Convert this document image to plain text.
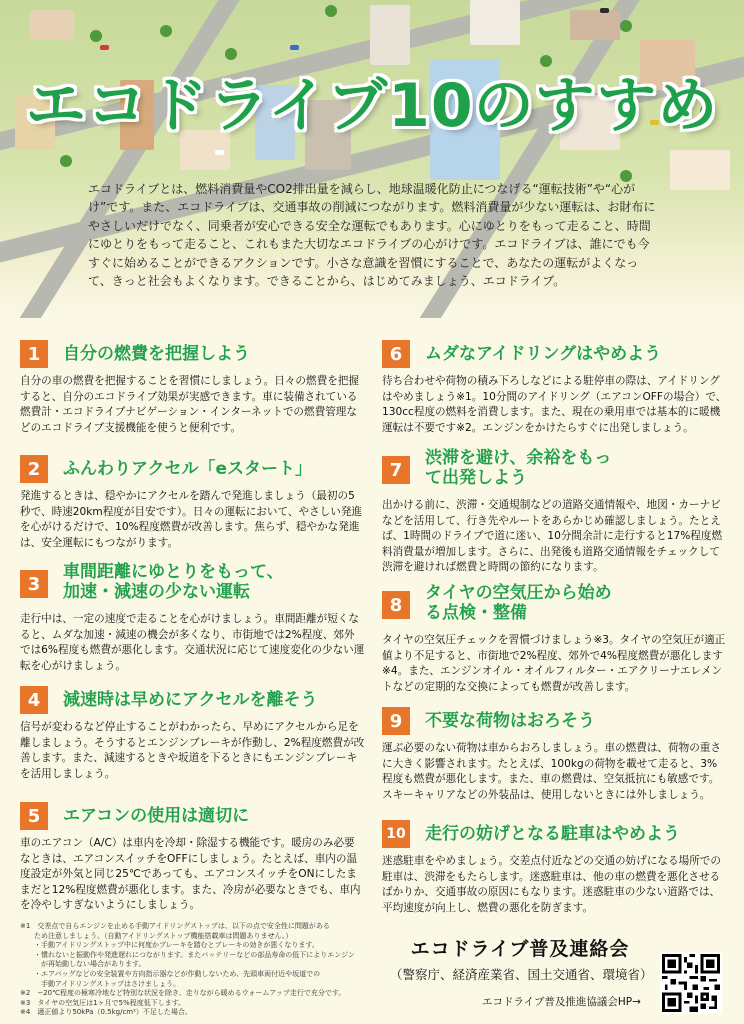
エコドライブ10のすすめ

エコドライブとは、燃料消費量やCO2排出量を減らし、地球温暖化防止につなげる“運転技術”や“心がけ”です。また、エコドライブは、交通事故の削減につながります。燃料消費量が少ない運転は、お財布にやさしいだけでなく、同乗者が安心できる安全な運転でもあります。心にゆとりをもって走ること、時間にゆとりをもって走ること、これもまた大切なエコドライブの心がけです。エコドライブは、誰にでも今すぐに始めることができるアクションです。小さな意識を習慣にすることで、あなたの運転がよくなって、きっと社会もよくなります。できることから、はじめてみましょう、エコドライブ。

1	自分の燃費を把握しよう

自分の車の燃費を把握することを習慣にしましょう。日々の燃費を把握すると、自分のエコドライブ効果が実感できます。車に装備されている燃費計・エコドライブナビゲーション・インターネットでの燃費管理などのエコドライブ支援機能を使うと便利です。

2	ふんわりアクセル「eスタート」

発進するときは、穏やかにアクセルを踏んで発進しましょう（最初の5秒で、時速20km程度が目安です）。日々の運転において、やさしい発進を心がけるだけで、10%程度燃費が改善します。焦らず、穏やかな発進は、安全運転にもつながります。

3
車間距離にゆとりをもって、加速・減速の少ない運転

走行中は、一定の速度で走ることを心がけましょう。車間距離が短くなると、ムダな加速・減速の機会が多くなり、市街地では2%程度、郊外では6%程度も燃費が悪化します。交通状況に応じて速度変化の少ない運転を心がけましょう。

4	減速時は早めにアクセルを離そう

信号が変わるなど停止することがわかったら、早めにアクセルから足を離しましょう。そうするとエンジンブレーキが作動し、2%程度燃費が改善します。また、減速するときや坂道を下るときにもエンジンブレーキを活用しましょう。

5	エアコンの使用は適切に

車のエアコン（A/C）は車内を冷却・除湿する機能です。暖房のみ必要なときは、エアコンスイッチをOFFにしましょう。たとえば、車内の温度設定が外気と同じ25℃であっても、エアコンスイッチをONにしたままだと12%程度燃費が悪化します。また、冷房が必要なときでも、車内を冷やしすぎないようにしましょう。

6	ムダなアイドリングはやめよう

待ち合わせや荷物の積み下ろしなどによる駐停車の際は、アイドリングはやめましょう※1。10分間のアイドリング（エアコンOFFの場合）で、130cc程度の燃料を消費します。また、現在の乗用車では基本的に暖機運転は不要です※2。エンジンをかけたらすぐに出発しましょう。

7
渋滞を避け、余裕をもって出発しよう

出かける前に、渋滞・交通規制などの道路交通情報や、地図・カーナビなどを活用して、行き先やルートをあらかじめ確認しましょう。たとえば、1時間のドライブで道に迷い、10分間余計に走行すると17%程度燃料消費量が増加します。さらに、出発後も道路交通情報をチェックして渋滞を避ければ燃費と時間の節約になります。

8
タイヤの空気圧から始める点検・整備

タイヤの空気圧チェックを習慣づけましょう※3。タイヤの空気圧が適正値より不足すると、市街地で2%程度、郊外で4%程度燃費が悪化します※4。また、エンジンオイル・オイルフィルター・エアクリーナエレメントなどの定期的な交換によっても燃費が改善します。

9	不要な荷物はおろそう

運ぶ必要のない荷物は車からおろしましょう。車の燃費は、荷物の重さに大きく影響されます。たとえば、100kgの荷物を載せて走ると、3%程度も燃費が悪化します。また、車の燃費は、空気抵抗にも敏感です。スキーキャリアなどの外装品は、使用しないときには外しましょう。

10 走行の妨げとなる駐車はやめよう

迷惑駐車をやめましょう。交差点付近などの交通の妨げになる場所での駐車は、渋滞をもたらします。迷惑駐車は、他の車の燃費を悪化させるばかりか、交通事故の原因にもなります。迷惑駐車の少ない道路では、平均速度が向上し、燃費の悪化を防ぎます。

※1　交差点で自らエンジンを止める手動アイドリングストップは、以下の点で安全性に問題がある
　　ため注意しましょう。（自動アイドリングストップ機能搭載車は問題ありません。）
　　・手動アイドリングストップ中に何度かブレーキを踏むとブレーキの効きが悪くなります。
　　・慣れないと振動作や発進遅れにつながります。またバッテリーなどの部品寿命の低下によりエンジン
　　　が再始動しない場合があります。
　　・エアバッグなどの安全装置や方向指示器などが作動しないため、先頭車両付近や坂道での
　　　手動アイドリングストップはさけましょう。
※2　−20℃程度の極寒冷地など特別な状況を除き、走りながら暖めるウォームアップ走行で充分です。
※3　タイヤの空気圧は1ヶ月で5%程度低下します。
※4　適正値より50kPa（0.5kg/cm²）不足した場合。
エコドライブ普及連絡会
（警察庁、経済産業省、国土交通省、環境省）
エコドライブ普及推進協議会HP→
